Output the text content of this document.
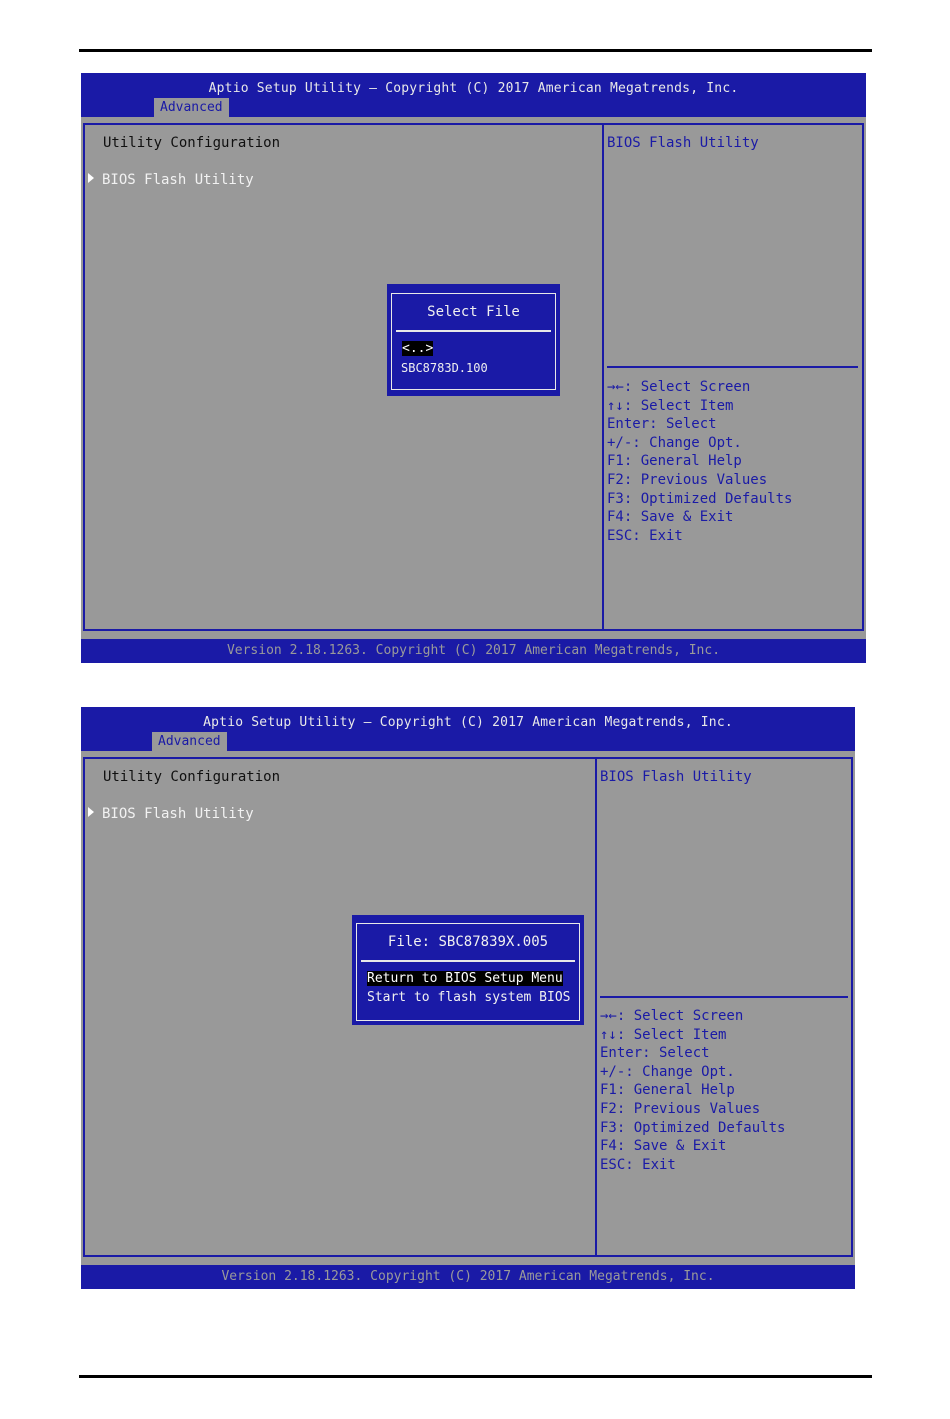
Aptio Setup Utility – Copyright (C) 2017 American Megatrends, Inc.
Advanced
Utility Configuration
BIOS Flash Utility
BIOS Flash Utility
→←: Select Screen
↑↓: Select Item
Enter: Select
+/-: Change Opt.
F1: General Help
F2: Previous Values
F3: Optimized Defaults
F4: Save & Exit
ESC: Exit
Select File
<..>
SBC8783D.100
Version 2.18.1263. Copyright (C) 2017 American Megatrends, Inc.
Aptio Setup Utility – Copyright (C) 2017 American Megatrends, Inc.
Advanced
Utility Configuration
BIOS Flash Utility
BIOS Flash Utility
→←: Select Screen
↑↓: Select Item
Enter: Select
+/-: Change Opt.
F1: General Help
F2: Previous Values
F3: Optimized Defaults
F4: Save & Exit
ESC: Exit
File: SBC87839X.005
Return to BIOS Setup Menu
Start to flash system BIOS
Version 2.18.1263. Copyright (C) 2017 American Megatrends, Inc.
